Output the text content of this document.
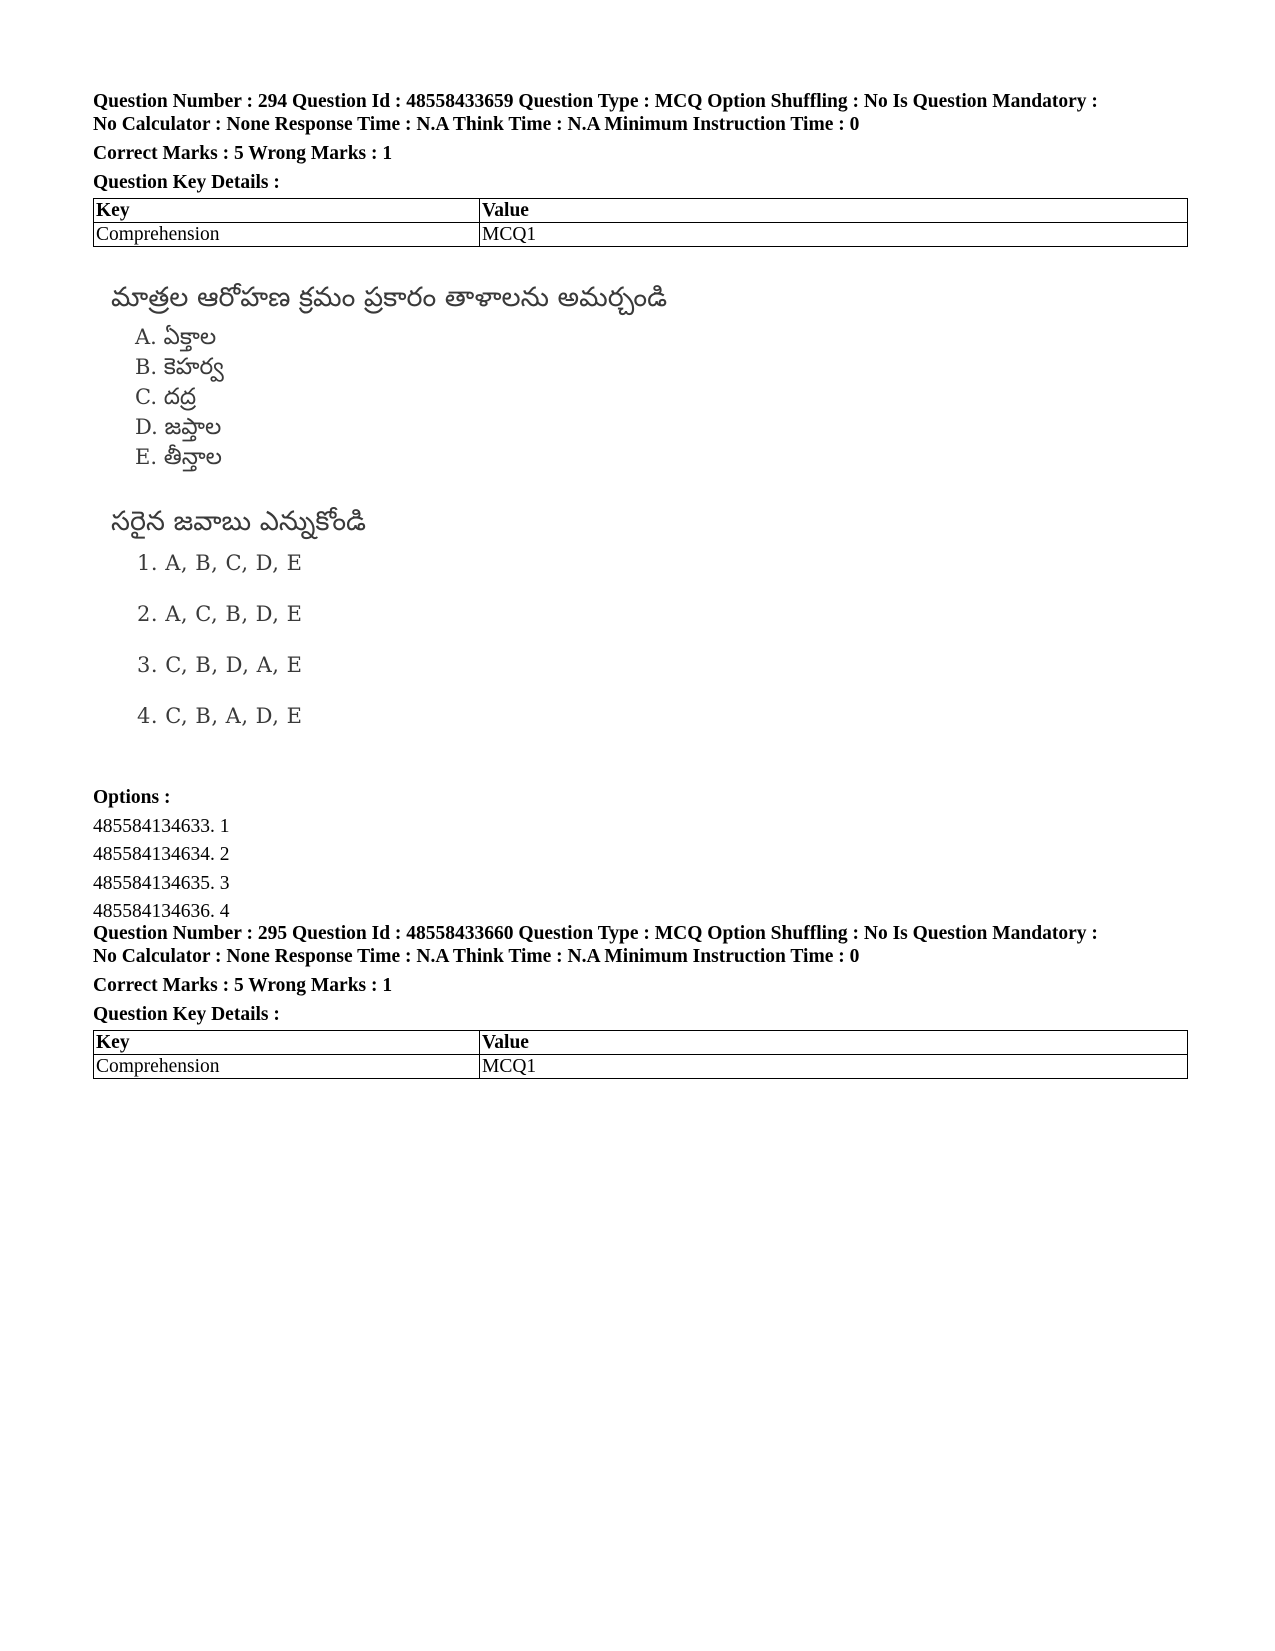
Question Number : 294 Question Id : 48558433659 Question Type : MCQ Option Shuffling : No Is Question Mandatory :
No Calculator : None Response Time : N.A Think Time : N.A Minimum Instruction Time : 0

Correct Marks : 5 Wrong Marks : 1
Question Key Details :
Key	Value
Comprehension	MCQ1
మాత్రల ఆరోహణ క్రమం ప్రకారం తాళాలను అమర్చండి
A. ఏక్తాల
B. కెహర్వ
C. దద్ర
D. జప్తాల
E. తీన్తాల
సరైన జవాబు ఎన్నుకోండి
1. A, B, C, D, E
2. A, C, B, D, E
3. C, B, D, A, E
4. C, B, A, D, E
Options :
485584134633. 1
485584134634. 2
485584134635. 3
485584134636. 4

Question Number : 295 Question Id : 48558433660 Question Type : MCQ Option Shuffling : No Is Question Mandatory :
No Calculator : None Response Time : N.A Think Time : N.A Minimum Instruction Time : 0

Correct Marks : 5 Wrong Marks : 1
Question Key Details :
Key	Value
Comprehension	MCQ1
